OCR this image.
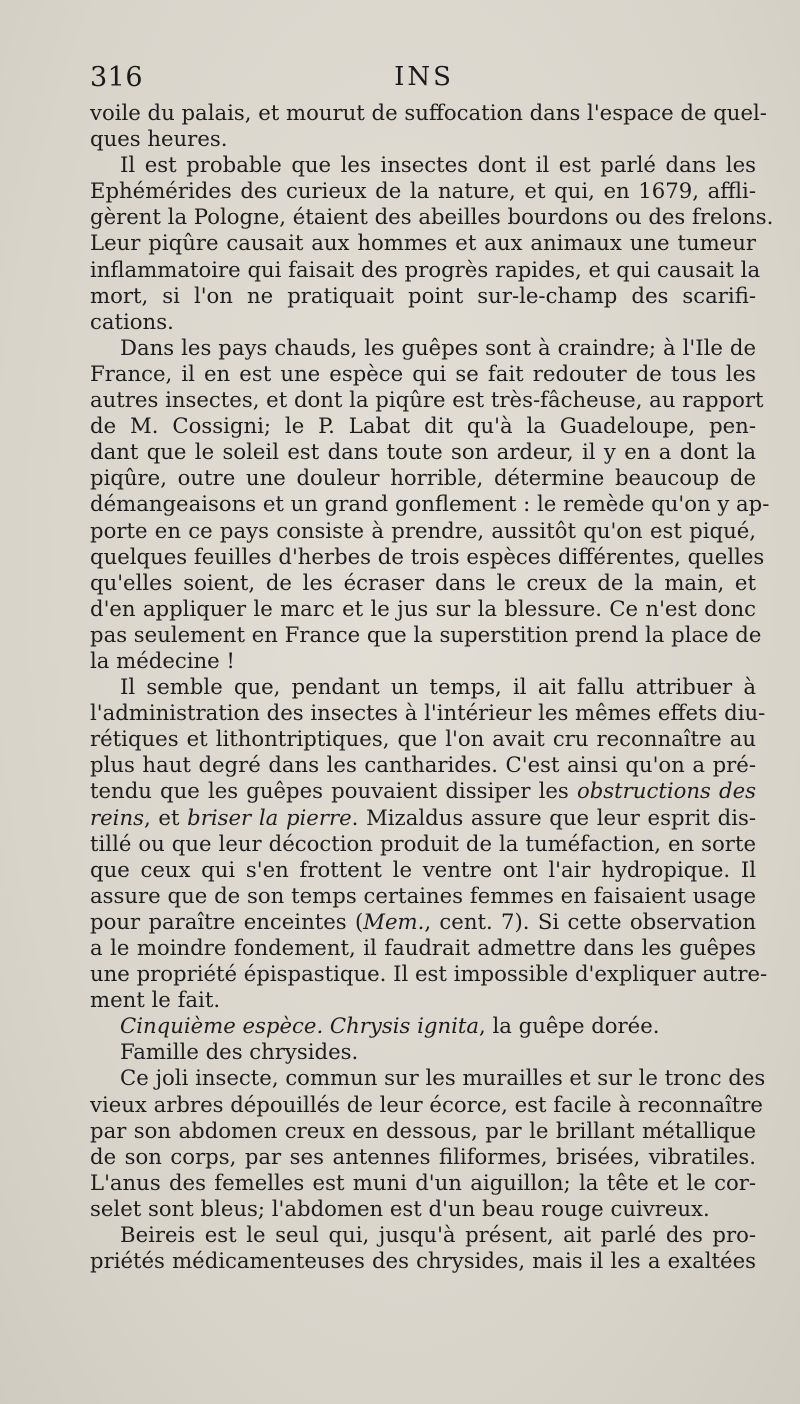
316	INS
voile du palais, et mourut de suffocation dans l'espace de quel-
ques heures.
Il est probable que les insectes dont il est parlé dans les
Ephémérides des curieux de la nature, et qui, en 1679, affli-
gèrent la Pologne, étaient des abeilles bourdons ou des frelons.
Leur piqûre causait aux hommes et aux animaux une tumeur
inflammatoire qui faisait des progrès rapides, et qui causait la
mort, si l'on ne pratiquait point sur-le-champ des scarifi-
cations.
Dans les pays chauds, les guêpes sont à craindre; à l'Ile de
France, il en est une espèce qui se fait redouter de tous les
autres insectes, et dont la piqûre est très-fâcheuse, au rapport
de M. Cossigni; le P. Labat dit qu'à la Guadeloupe, pen-
dant que le soleil est dans toute son ardeur, il y en a dont la
piqûre, outre une douleur horrible, détermine beaucoup de
démangeaisons et un grand gonflement : le remède qu'on y ap-
porte en ce pays consiste à prendre, aussitôt qu'on est piqué,
quelques feuilles d'herbes de trois espèces différentes, quelles
qu'elles soient, de les écraser dans le creux de la main, et
d'en appliquer le marc et le jus sur la blessure. Ce n'est donc
pas seulement en France que la superstition prend la place de
la médecine !
Il semble que, pendant un temps, il ait fallu attribuer à
l'administration des insectes à l'intérieur les mêmes effets diu-
rétiques et lithontriptiques, que l'on avait cru reconnaître au
plus haut degré dans les cantharides. C'est ainsi qu'on a pré-
tendu que les guêpes pouvaient dissiper les obstructions des
reins, et briser la pierre. Mizaldus assure que leur esprit dis-
tillé ou que leur décoction produit de la tuméfaction, en sorte
que ceux qui s'en frottent le ventre ont l'air hydropique. Il
assure que de son temps certaines femmes en faisaient usage
pour paraître enceintes (Mem., cent. 7). Si cette observation
a le moindre fondement, il faudrait admettre dans les guêpes
une propriété épispastique. Il est impossible d'expliquer autre-
ment le fait.
Cinquième espèce. Chrysis ignita, la guêpe dorée.
Famille des chrysides.
Ce joli insecte, commun sur les murailles et sur le tronc des
vieux arbres dépouillés de leur écorce, est facile à reconnaître
par son abdomen creux en dessous, par le brillant métallique
de son corps, par ses antennes filiformes, brisées, vibratiles.
L'anus des femelles est muni d'un aiguillon; la tête et le cor-
selet sont bleus; l'abdomen est d'un beau rouge cuivreux.
Beireis est le seul qui, jusqu'à présent, ait parlé des pro-
priétés médicamenteuses des chrysides, mais il les a exaltées
